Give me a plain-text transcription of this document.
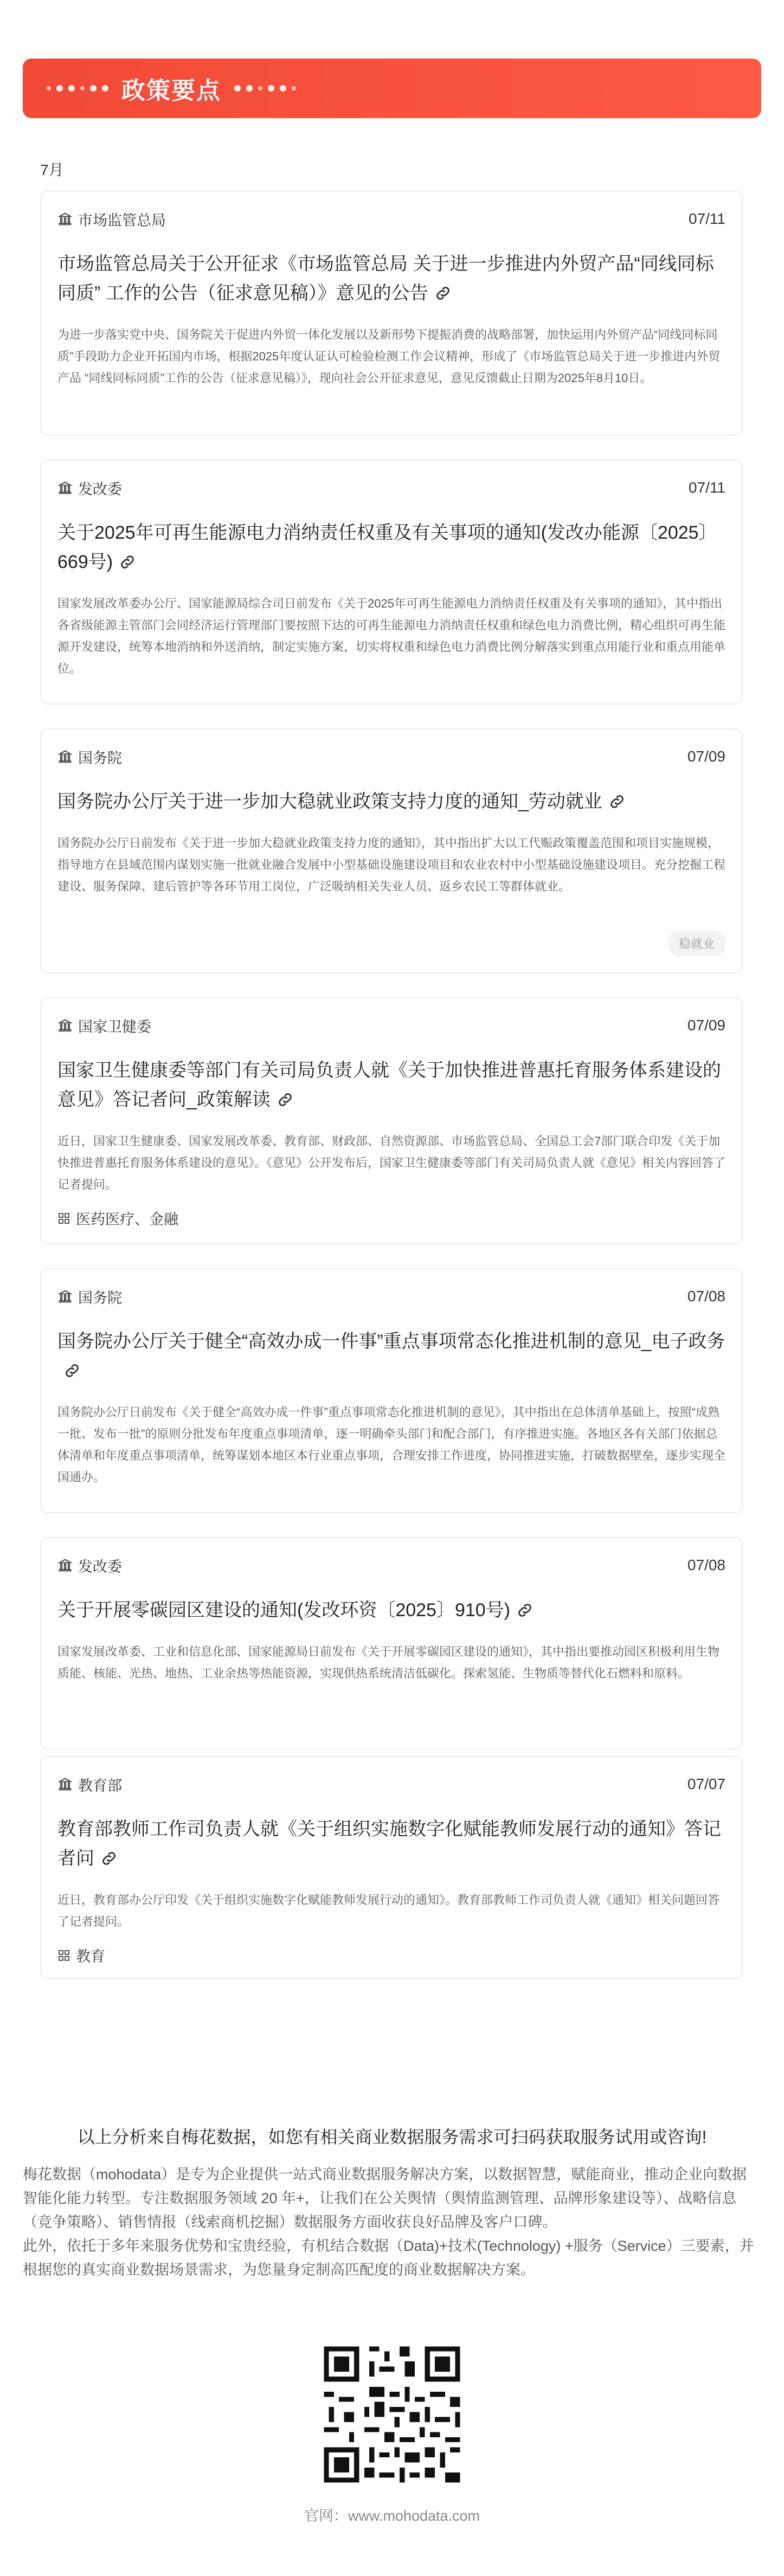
政策要点
7月
市场监管总局	07/11
市场监管总局关于公开征求《市场监管总局 关于进一步推进内外贸产品“同线同标同质” 工作的公告（征求意见稿）》意见的公告
为进一步落实党中央、国务院关于促进内外贸一体化发展以及新形势下提振消费的战略部署，加快运用内外贸产品“同线同标同质”手段助力企业开拓国内市场，根据2025年度认证认可检验检测工作会议精神，形成了《市场监管总局关于进一步推进内外贸产品 “同线同标同质”工作的公告（征求意见稿）》，现向社会公开征求意见，意见反馈截止日期为2025年8月10日。
发改委	07/11
关于2025年可再生能源电力消纳责任权重及有关事项的通知(发改办能源〔2025〕669号)
国家发展改革委办公厅、国家能源局综合司日前发布《关于2025年可再生能源电力消纳责任权重及有关事项的通知》，其中指出各省级能源主管部门会同经济运行管理部门要按照下达的可再生能源电力消纳责任权重和绿色电力消费比例，精心组织可再生能源开发建设，统筹本地消纳和外送消纳，制定实施方案，切实将权重和绿色电力消费比例分解落实到重点用能行业和重点用能单位。
国务院	07/09
国务院办公厅关于进一步加大稳就业政策支持力度的通知_劳动就业
国务院办公厅日前发布《关于进一步加大稳就业政策支持力度的通知》，其中指出扩大以工代赈政策覆盖范围和项目实施规模，指导地方在县域范围内谋划实施一批就业融合发展中小型基础设施建设项目和农业农村中小型基础设施建设项目。充分挖掘工程建设、服务保障、建后管护等各环节用工岗位，广泛吸纳相关失业人员、返乡农民工等群体就业。
稳就业
国家卫健委	07/09
国家卫生健康委等部门有关司局负责人就《关于加快推进普惠托育服务体系建设的意见》答记者问_政策解读
近日，国家卫生健康委、国家发展改革委、教育部、财政部、自然资源部、市场监管总局、全国总工会7部门联合印发《关于加快推进普惠托育服务体系建设的意见》。《意见》公开发布后，国家卫生健康委等部门有关司局负责人就《意见》相关内容回答了记者提问。
医药医疗、金融
国务院	07/08
国务院办公厅关于健全“高效办成一件事”重点事项常态化推进机制的意见_电子政务
国务院办公厅日前发布《关于健全“高效办成一件事”重点事项常态化推进机制的意见》，其中指出在总体清单基础上，按照“成熟一批、发布一批”的原则分批发布年度重点事项清单，逐一明确牵头部门和配合部门，有序推进实施。各地区各有关部门依据总体清单和年度重点事项清单，统筹谋划本地区本行业重点事项，合理安排工作进度，协同推进实施，打破数据壁垒，逐步实现全国通办。
发改委	07/08
关于开展零碳园区建设的通知(发改环资〔2025〕910号)
国家发展改革委、工业和信息化部、国家能源局日前发布《关于开展零碳园区建设的通知》，其中指出要推动园区积极利用生物质能、核能、光热、地热、工业余热等热能资源，实现供热系统清洁低碳化。探索氢能、生物质等替代化石燃料和原料。
教育部	07/07
教育部教师工作司负责人就《关于组织实施数字化赋能教师发展行动的通知》答记者问
近日，教育部办公厅印发《关于组织实施数字化赋能教师发展行动的通知》。教育部教师工作司负责人就《通知》相关问题回答了记者提问。
教育
以上分析来自梅花数据，如您有相关商业数据服务需求可扫码获取服务试用或咨询!
梅花数据（mohodata）是专为企业提供一站式商业数据服务解决方案，以数据智慧，赋能商业，推动企业向数据智能化能力转型。专注数据服务领域 20 年+，让我们在公关舆情（舆情监测管理、品牌形象建设等）、战略信息（竞争策略）、销售情报（线索商机挖掘）数据服务方面收获良好品牌及客户口碑。
此外，依托于多年来服务优势和宝贵经验，有机结合数据（Data)+技术(Technology) +服务（Service）三要素，并根据您的真实商业数据场景需求，为您量身定制高匹配度的商业数据解决方案。
官网：www.mohodata.com
